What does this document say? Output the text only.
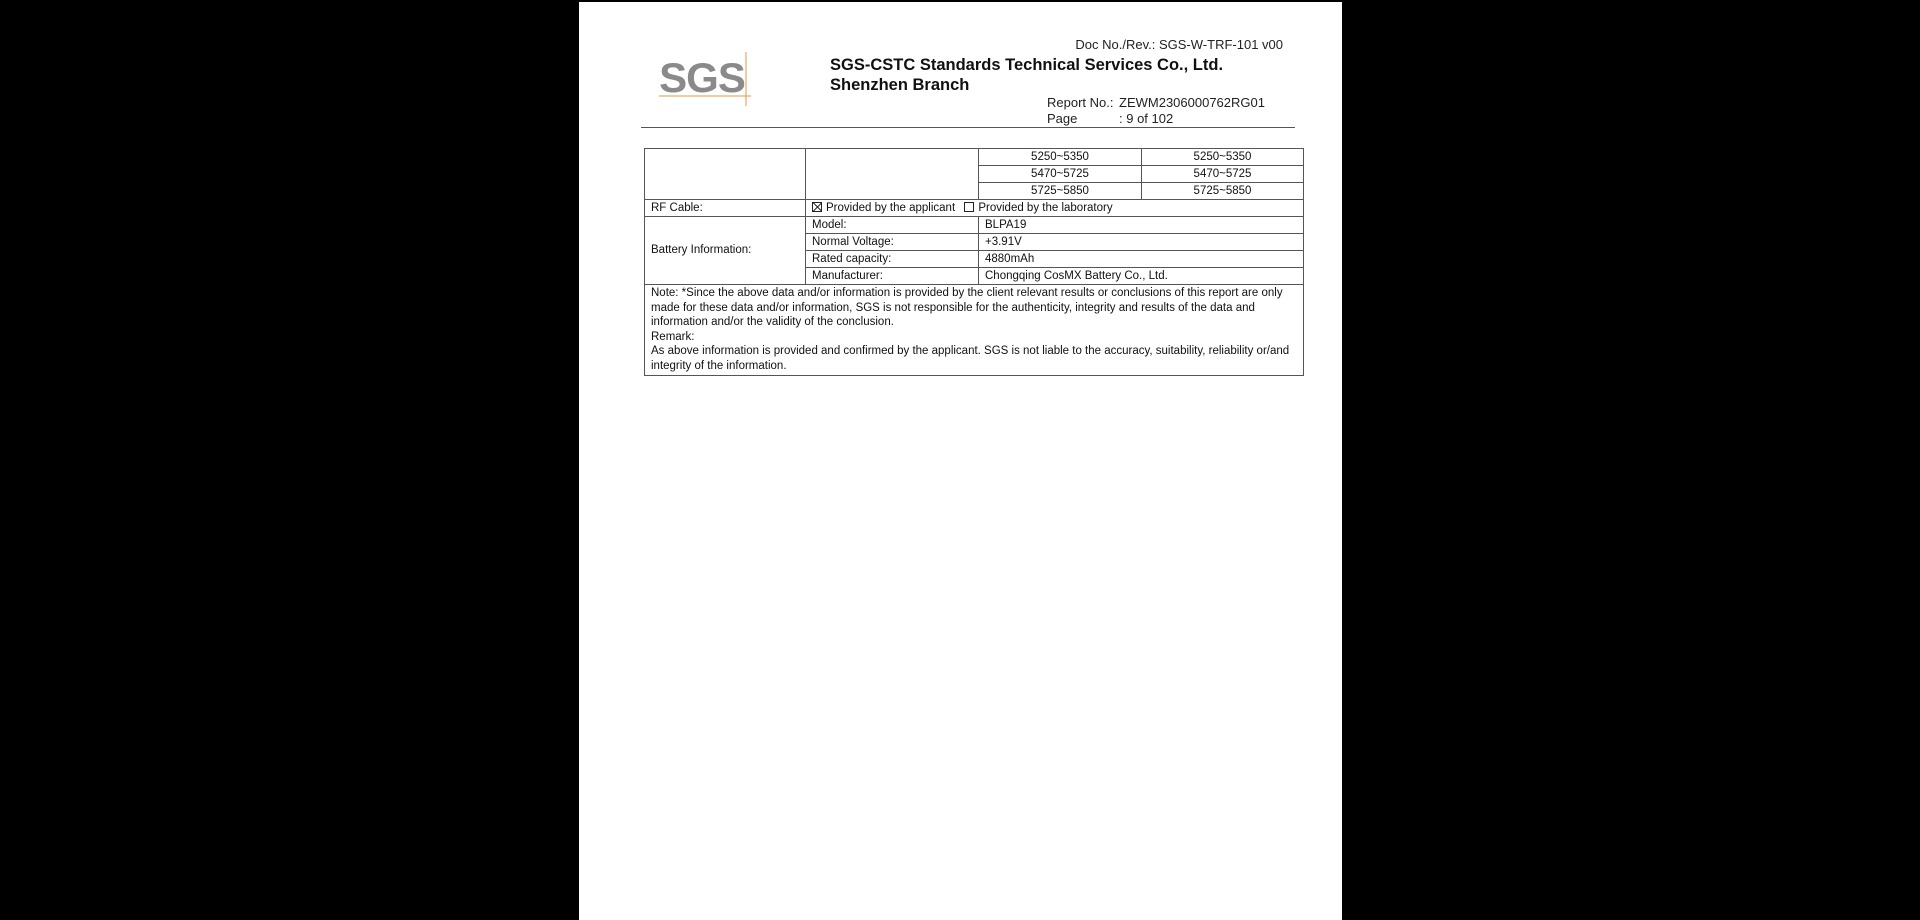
Doc No./Rev.: SGS-W-TRF-101 v00
SGS	SGS-CSTC Standards Technical Services Co., Ltd.
Shenzhen Branch
Report No.: ZEWM2306000762RG01
Page	: 9 of 102
		5250~5350	5250~5350
		5470~5725	5470~5725
		5725~5850	5725~5850
RF Cable:	Provided by the applicant Provided by the laboratory		
Battery Information:	Model:	BLPA19	
	Normal Voltage:	+3.91V	
	Rated capacity:	4880mAh	
	Manufacturer:	Chongqing CosMX Battery Co., Ltd.	

Note: *Since the above data and/or information is provided by the client relevant results or conclusions of this report are only made for these data and/or information, SGS is not responsible for the authenticity, integrity and results of the data and information and/or the validity of the conclusion.
Remark:
As above information is provided and confirmed by the applicant. SGS is not liable to the accuracy, suitability, reliability or/and integrity of the information.			
